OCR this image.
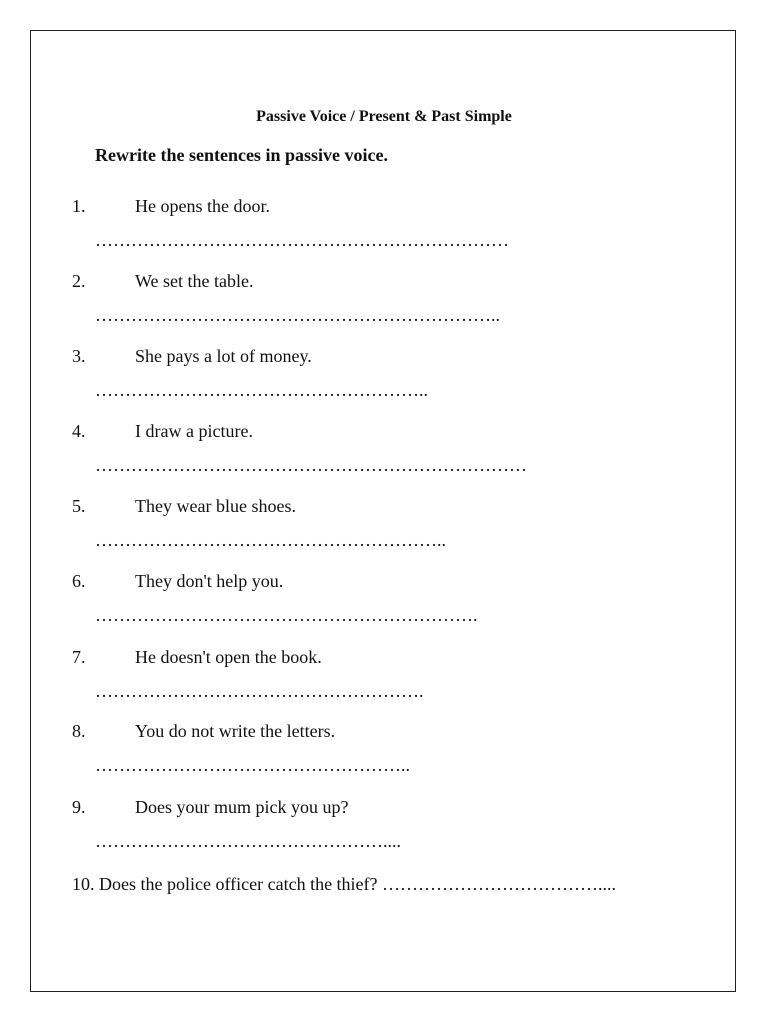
Passive Voice / Present & Past Simple
Rewrite the sentences in passive voice.
1.	He opens the door.
……………………………………………………………
2.	We set the table.
…………………………………………………………..
3.	She pays a lot of money.
………………………………………………..
4.	I draw a picture.
………………………………………………………………
5.	They wear blue shoes.
…………………………………………………..
6.	They don't help you.
……………………………………………………….
7.	He doesn't open the book.
……………………………………………….
8.	You do not write the letters.
……………………………………………..
9.	Does your mum pick you up?
…………………………………………....
10. Does the police officer catch the thief? ………………………………....
